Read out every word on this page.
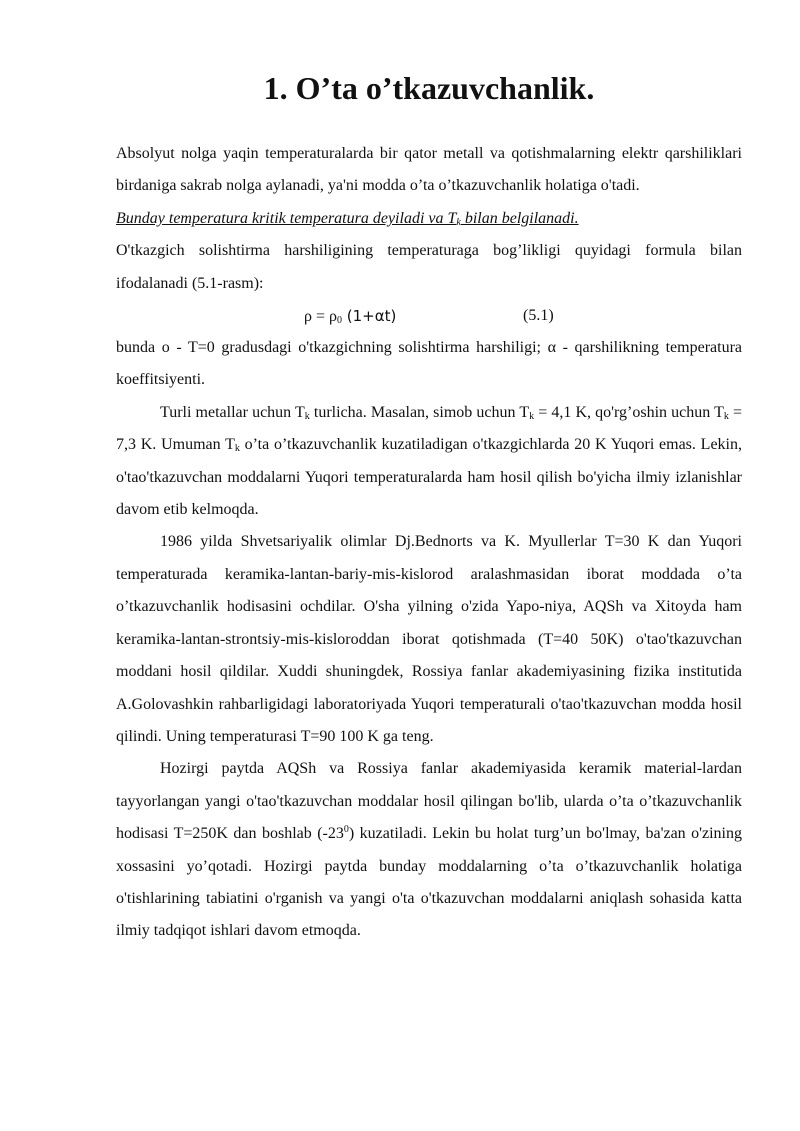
1. O’ta o’tkazuvchanlik.

Absolyut nolga yaqin temperaturalarda bir qator metall va qotishmalarning elektr qarshiliklari birdaniga sakrab nolga aylanadi, ya'ni modda o’ta o’tkazuvchanlik holatiga o'tadi.

Bunday temperatura kritik temperatura deyiladi va $T_k$ bilan belgilanadi.

O'tkazgich solishtirma harshiligining temperaturaga bog’likligi quyidagi formula bilan ifodalanadi (5.1-rasm):

$\rho = \rho_0$ (1+αt)	(5.1)

bunda o - T=0 gradusdagi o'tkazgichning solishtirma harshiligi; α - qarshilikning temperatura koeffitsiyenti.

Turli metallar uchun $T_k$ turlicha. Masalan, simob uchun $T_k = 4,1$ K, qo'rg’oshin uchun $T_k = 7,3$ K. Umuman $T_k$ o’ta o’tkazuvchanlik kuzatiladigan o'tkazgichlarda 20 K Yuqori emas. Lekin, o'tao'tkazuvchan moddalarni Yuqori temperaturalarda ham hosil qilish bo'yicha ilmiy izlanishlar davom etib kelmoqda.

1986 yilda Shvetsariyalik olimlar Dj.Bednorts va K. Myullerlar T=30 K dan Yuqori temperaturada keramika-lantan-bariy-mis-kislorod aralashmasidan iborat moddada o’ta o’tkazuvchanlik hodisasini ochdilar. O'sha yilning o'zida Yapo-niya, AQSh va Xitoyda ham keramika-lantan-strontsiy-mis-kisloroddan iborat qotishmada (T=40 50K) o'tao'tkazuvchan moddani hosil qildilar. Xuddi shuningdek, Rossiya fanlar akademiyasining fizika institutida A.Golovashkin rahbarligidagi laboratoriyada Yuqori temperaturali o'tao'tkazuvchan modda hosil qilindi. Uning temperaturasi T=90 100 K ga teng.

Hozirgi paytda AQSh va Rossiya fanlar akademiyasida keramik material-lardan tayyorlangan yangi o'tao'tkazuvchan moddalar hosil qilingan bo'lib, ularda o’ta o’tkazuvchanlik hodisasi T=250K dan boshlab $(-23^0)$ kuzatiladi. Lekin bu holat turg’un bo'lmay, ba'zan o'zining xossasini yo’qotadi. Hozirgi paytda bunday moddalarning o’ta o’tkazuvchanlik holatiga o'tishlarining tabiatini o'rganish va yangi o'ta o'tkazuvchan moddalarni aniqlash sohasida katta ilmiy tadqiqot ishlari davom etmoqda.
